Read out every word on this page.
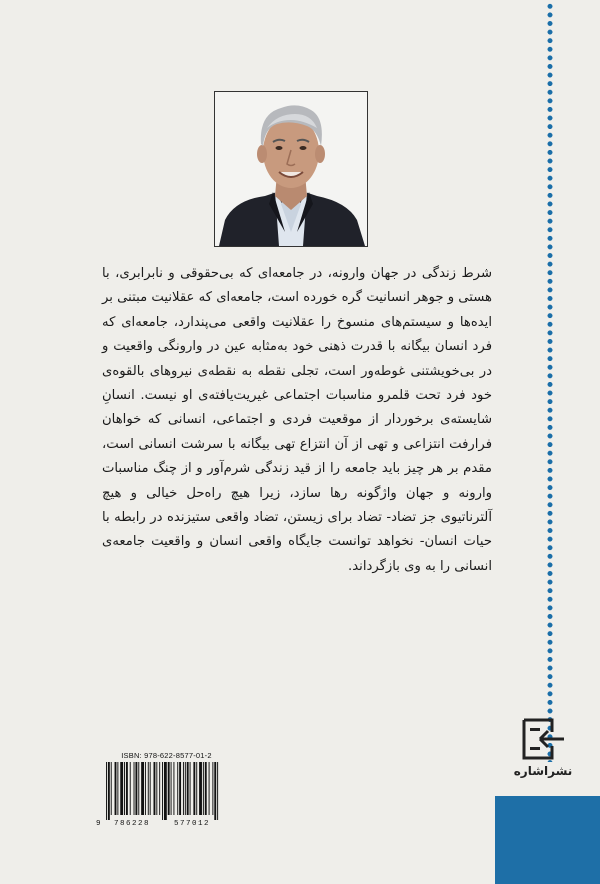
شرط زندگی در جهان وارونه، در جامعه‌ای که بی‌حقوقی و نابرابری، با هستی و جوهر انسانیت گره خورده است، جامعه‌ای که عقلانیت مبتنی بر ایده‌ها و سیستم‌های منسوخ را عقلانیت واقعی می‌پندارد، جامعه‌ای که فرد انسان بیگانه با قدرت ذهنی خود به‌مثابه عین در وارونگی واقعیت و در بی‌خویشتنی غوطه‌ور است، تجلی نقطه به نقطه‌ی نیروهای بالقوه‌ی خود فرد تحت قلمرو مناسبات اجتماعی غیریت‌یافته‌ی او نیست. انسانِ شایسته‌ی برخوردار از موقعیت فردی و اجتماعی، انسانی که خواهان فرارفت انتزاعی و تهی از آن انتزاع تهی بیگانه با سرشت انسانی است، مقدم بر هر چیز باید جامعه را از قید زندگی شرم‌آور و از چنگ مناسبات وارونه و جهان واژگونه رها سازد، زیرا هیچ راه‌حل خیالی و هیچ آلترناتیوی جز تضاد- تضاد برای زیستن، تضاد واقعی ستیزنده در رابطه با حیات انسان- نخواهد توانست جایگاه واقعی انسان و واقعیت جامعه‌ی انسانی را به وی بازگرداند.
نشراشاره
ISBN: 978-622-8577-01-2
9 786228	577012
